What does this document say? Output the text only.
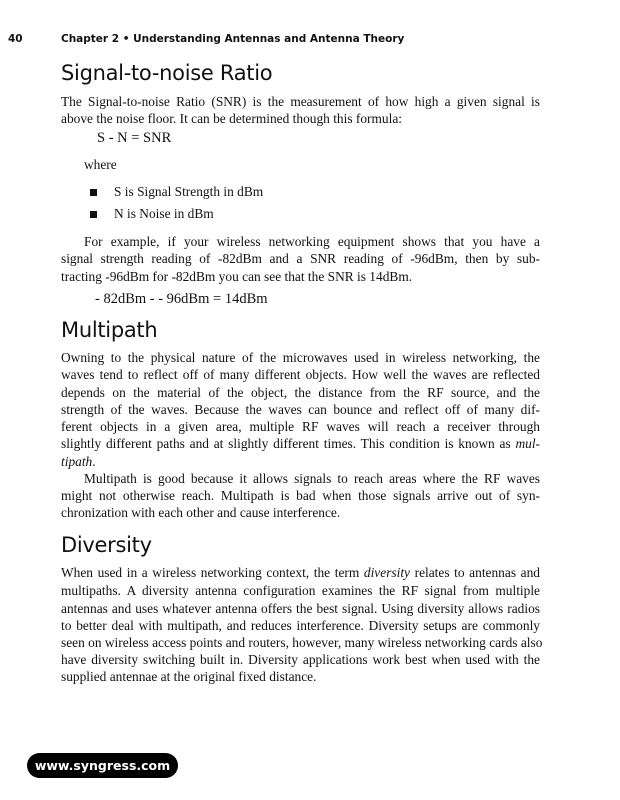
40	Chapter 2 • Understanding Antennas and Antenna Theory
Signal-to-noise Ratio
The Signal-to-noise Ratio (SNR) is the measurement of how high a given signal is
above the noise floor. It can be determined though this formula:
S - N = SNR
where
S is Signal Strength in dBm
N is Noise in dBm
For example, if your wireless networking equipment shows that you have a
signal strength reading of -82dBm and a SNR reading of -96dBm, then by sub-
tracting -96dBm for -82dBm you can see that the SNR is 14dBm.
- 82dBm - - 96dBm = 14dBm
Multipath
Owning to the physical nature of the microwaves used in wireless networking, the
waves tend to reflect off of many different objects. How well the waves are reflected
depends on the material of the object, the distance from the RF source, and the
strength of the waves. Because the waves can bounce and reflect off of many dif-
ferent objects in a given area, multiple RF waves will reach a receiver through
slightly different paths and at slightly different times. This condition is known as mul-
tipath.
Multipath is good because it allows signals to reach areas where the RF waves
might not otherwise reach. Multipath is bad when those signals arrive out of syn-
chronization with each other and cause interference.
Diversity
When used in a wireless networking context, the term diversity relates to antennas and
multipaths. A diversity antenna configuration examines the RF signal from multiple
antennas and uses whatever antenna offers the best signal. Using diversity allows radios
to better deal with multipath, and reduces interference. Diversity setups are commonly
seen on wireless access points and routers, however, many wireless networking cards also
have diversity switching built in. Diversity applications work best when used with the
supplied antennae at the original fixed distance.
www.syngress.com
